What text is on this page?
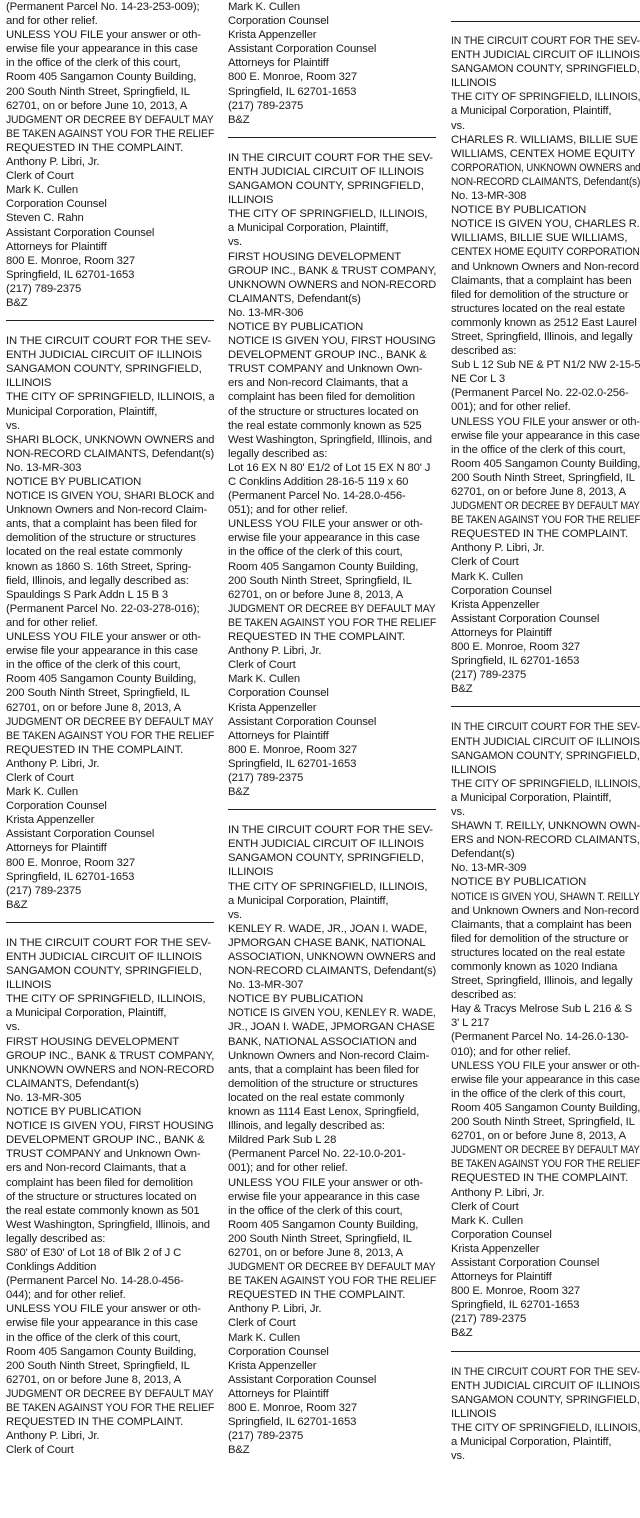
(Permanent Parcel No. 14-23-253-009);
and for other relief.
UNLESS YOU FILE your answer or oth-
erwise file your appearance in this case
in the office of the clerk of this court,
Room 405 Sangamon County Building,
200 South Ninth Street, Springfield, IL
62701, on or before June 10, 2013, A
JUDGMENT OR DECREE BY DEFAULT MAY
BE TAKEN AGAINST YOU FOR THE RELIEF
REQUESTED IN THE COMPLAINT.
Anthony P. Libri, Jr.
Clerk of Court
Mark K. Cullen
Corporation Counsel
Steven C. Rahn
Assistant Corporation Counsel
Attorneys for Plaintiff
800 E. Monroe, Room 327
Springfield, IL 62701-1653
(217) 789-2375
B&Z
IN THE CIRCUIT COURT FOR THE SEV-
ENTH JUDICIAL CIRCUIT OF ILLINOIS
SANGAMON COUNTY, SPRINGFIELD,
ILLINOIS
THE CITY OF SPRINGFIELD, ILLINOIS, a
Municipal Corporation, Plaintiff,
vs.
SHARI BLOCK, UNKNOWN OWNERS and
NON-RECORD CLAIMANTS, Defendant(s)
No. 13-MR-303
NOTICE BY PUBLICATION
NOTICE IS GIVEN YOU, SHARI BLOCK and
Unknown Owners and Non-record Claim-
ants, that a complaint has been filed for
demolition of the structure or structures
located on the real estate commonly
known as 1860 S. 16th Street, Spring-
field, Illinois, and legally described as:
Spauldings S Park Addn L 15 B 3
(Permanent Parcel No. 22-03-278-016);
and for other relief.
UNLESS YOU FILE your answer or oth-
erwise file your appearance in this case
in the office of the clerk of this court,
Room 405 Sangamon County Building,
200 South Ninth Street, Springfield, IL
62701, on or before June 8, 2013, A
JUDGMENT OR DECREE BY DEFAULT MAY
BE TAKEN AGAINST YOU FOR THE RELIEF
REQUESTED IN THE COMPLAINT.
Anthony P. Libri, Jr.
Clerk of Court
Mark K. Cullen
Corporation Counsel
Krista Appenzeller
Assistant Corporation Counsel
Attorneys for Plaintiff
800 E. Monroe, Room 327
Springfield, IL 62701-1653
(217) 789-2375
B&Z
IN THE CIRCUIT COURT FOR THE SEV-
ENTH JUDICIAL CIRCUIT OF ILLINOIS
SANGAMON COUNTY, SPRINGFIELD,
ILLINOIS
THE CITY OF SPRINGFIELD, ILLINOIS,
a Municipal Corporation, Plaintiff,
vs.
FIRST HOUSING DEVELOPMENT
GROUP INC., BANK & TRUST COMPANY,
UNKNOWN OWNERS and NON-RECORD
CLAIMANTS, Defendant(s)
No. 13-MR-305
NOTICE BY PUBLICATION
NOTICE IS GIVEN YOU, FIRST HOUSING
DEVELOPMENT GROUP INC., BANK &
TRUST COMPANY and Unknown Own-
ers and Non-record Claimants, that a
complaint has been filed for demolition
of the structure or structures located on
the real estate commonly known as 501
West Washington, Springfield, Illinois, and
legally described as:
S80' of E30' of Lot 18 of Blk 2 of J C
Conklings Addition
(Permanent Parcel No. 14-28.0-456-
044); and for other relief.
UNLESS YOU FILE your answer or oth-
erwise file your appearance in this case
in the office of the clerk of this court,
Room 405 Sangamon County Building,
200 South Ninth Street, Springfield, IL
62701, on or before June 8, 2013, A
JUDGMENT OR DECREE BY DEFAULT MAY
BE TAKEN AGAINST YOU FOR THE RELIEF
REQUESTED IN THE COMPLAINT.
Anthony P. Libri, Jr.
Clerk of Court
Mark K. Cullen
Corporation Counsel
Krista Appenzeller
Assistant Corporation Counsel
Attorneys for Plaintiff
800 E. Monroe, Room 327
Springfield, IL 62701-1653
(217) 789-2375
B&Z
IN THE CIRCUIT COURT FOR THE SEV-
ENTH JUDICIAL CIRCUIT OF ILLINOIS
SANGAMON COUNTY, SPRINGFIELD,
ILLINOIS
THE CITY OF SPRINGFIELD, ILLINOIS,
a Municipal Corporation, Plaintiff,
vs.
FIRST HOUSING DEVELOPMENT
GROUP INC., BANK & TRUST COMPANY,
UNKNOWN OWNERS and NON-RECORD
CLAIMANTS, Defendant(s)
No. 13-MR-306
NOTICE BY PUBLICATION
NOTICE IS GIVEN YOU, FIRST HOUSING
DEVELOPMENT GROUP INC., BANK &
TRUST COMPANY and Unknown Own-
ers and Non-record Claimants, that a
complaint has been filed for demolition
of the structure or structures located on
the real estate commonly known as 525
West Washington, Springfield, Illinois, and
legally described as:
Lot 16 EX N 80' E1/2 of Lot 15 EX N 80' J
C Conklins Addition 28-16-5 119 x 60
(Permanent Parcel No. 14-28.0-456-
051); and for other relief.
UNLESS YOU FILE your answer or oth-
erwise file your appearance in this case
in the office of the clerk of this court,
Room 405 Sangamon County Building,
200 South Ninth Street, Springfield, IL
62701, on or before June 8, 2013, A
JUDGMENT OR DECREE BY DEFAULT MAY
BE TAKEN AGAINST YOU FOR THE RELIEF
REQUESTED IN THE COMPLAINT.
Anthony P. Libri, Jr.
Clerk of Court
Mark K. Cullen
Corporation Counsel
Krista Appenzeller
Assistant Corporation Counsel
Attorneys for Plaintiff
800 E. Monroe, Room 327
Springfield, IL 62701-1653
(217) 789-2375
B&Z
IN THE CIRCUIT COURT FOR THE SEV-
ENTH JUDICIAL CIRCUIT OF ILLINOIS
SANGAMON COUNTY, SPRINGFIELD,
ILLINOIS
THE CITY OF SPRINGFIELD, ILLINOIS,
a Municipal Corporation, Plaintiff,
vs.
KENLEY R. WADE, JR., JOAN I. WADE,
JPMORGAN CHASE BANK, NATIONAL
ASSOCIATION, UNKNOWN OWNERS and
NON-RECORD CLAIMANTS, Defendant(s)
No. 13-MR-307
NOTICE BY PUBLICATION
NOTICE IS GIVEN YOU, KENLEY R. WADE,
JR., JOAN I. WADE, JPMORGAN CHASE
BANK, NATIONAL ASSOCIATION and
Unknown Owners and Non-record Claim-
ants, that a complaint has been filed for
demolition of the structure or structures
located on the real estate commonly
known as 1114 East Lenox, Springfield,
Illinois, and legally described as:
Mildred Park Sub L 28
(Permanent Parcel No. 22-10.0-201-
001); and for other relief.
UNLESS YOU FILE your answer or oth-
erwise file your appearance in this case
in the office of the clerk of this court,
Room 405 Sangamon County Building,
200 South Ninth Street, Springfield, IL
62701, on or before June 8, 2013, A
JUDGMENT OR DECREE BY DEFAULT MAY
BE TAKEN AGAINST YOU FOR THE RELIEF
REQUESTED IN THE COMPLAINT.
Anthony P. Libri, Jr.
Clerk of Court
Mark K. Cullen
Corporation Counsel
Krista Appenzeller
Assistant Corporation Counsel
Attorneys for Plaintiff
800 E. Monroe, Room 327
Springfield, IL 62701-1653
(217) 789-2375
B&Z
IN THE CIRCUIT COURT FOR THE SEV-
ENTH JUDICIAL CIRCUIT OF ILLINOIS
SANGAMON COUNTY, SPRINGFIELD,
ILLINOIS
THE CITY OF SPRINGFIELD, ILLINOIS,
a Municipal Corporation, Plaintiff,
vs.
CHARLES R. WILLIAMS, BILLIE SUE
WILLIAMS, CENTEX HOME EQUITY
CORPORATION, UNKNOWN OWNERS and
NON-RECORD CLAIMANTS, Defendant(s)
No. 13-MR-308
NOTICE BY PUBLICATION
NOTICE IS GIVEN YOU, CHARLES R.
WILLIAMS, BILLIE SUE WILLIAMS,
CENTEX HOME EQUITY CORPORATION
and Unknown Owners and Non-record
Claimants, that a complaint has been
filed for demolition of the structure or
structures located on the real estate
commonly known as 2512 East Laurel
Street, Springfield, Illinois, and legally
described as:
Sub L 12 Sub NE & PT N1/2 NW 2-15-5
NE Cor L 3
(Permanent Parcel No. 22-02.0-256-
001); and for other relief.
UNLESS YOU FILE your answer or oth-
erwise file your appearance in this case
in the office of the clerk of this court,
Room 405 Sangamon County Building,
200 South Ninth Street, Springfield, IL
62701, on or before June 8, 2013, A
JUDGMENT OR DECREE BY DEFAULT MAY
BE TAKEN AGAINST YOU FOR THE RELIEF
REQUESTED IN THE COMPLAINT.
Anthony P. Libri, Jr.
Clerk of Court
Mark K. Cullen
Corporation Counsel
Krista Appenzeller
Assistant Corporation Counsel
Attorneys for Plaintiff
800 E. Monroe, Room 327
Springfield, IL 62701-1653
(217) 789-2375
B&Z
IN THE CIRCUIT COURT FOR THE SEV-
ENTH JUDICIAL CIRCUIT OF ILLINOIS
SANGAMON COUNTY, SPRINGFIELD,
ILLINOIS
THE CITY OF SPRINGFIELD, ILLINOIS,
a Municipal Corporation, Plaintiff,
vs.
SHAWN T. REILLY, UNKNOWN OWN-
ERS and NON-RECORD CLAIMANTS,
Defendant(s)
No. 13-MR-309
NOTICE BY PUBLICATION
NOTICE IS GIVEN YOU, SHAWN T. REILLY
and Unknown Owners and Non-record
Claimants, that a complaint has been
filed for demolition of the structure or
structures located on the real estate
commonly known as 1020 Indiana
Street, Springfield, Illinois, and legally
described as:
Hay & Tracys Melrose Sub L 216 & S
3' L 217
(Permanent Parcel No. 14-26.0-130-
010); and for other relief.
UNLESS YOU FILE your answer or oth-
erwise file your appearance in this case
in the office of the clerk of this court,
Room 405 Sangamon County Building,
200 South Ninth Street, Springfield, IL
62701, on or before June 8, 2013, A
JUDGMENT OR DECREE BY DEFAULT MAY
BE TAKEN AGAINST YOU FOR THE RELIEF
REQUESTED IN THE COMPLAINT.
Anthony P. Libri, Jr.
Clerk of Court
Mark K. Cullen
Corporation Counsel
Krista Appenzeller
Assistant Corporation Counsel
Attorneys for Plaintiff
800 E. Monroe, Room 327
Springfield, IL 62701-1653
(217) 789-2375
B&Z
IN THE CIRCUIT COURT FOR THE SEV-
ENTH JUDICIAL CIRCUIT OF ILLINOIS
SANGAMON COUNTY, SPRINGFIELD,
ILLINOIS
THE CITY OF SPRINGFIELD, ILLINOIS,
a Municipal Corporation, Plaintiff,
vs.
